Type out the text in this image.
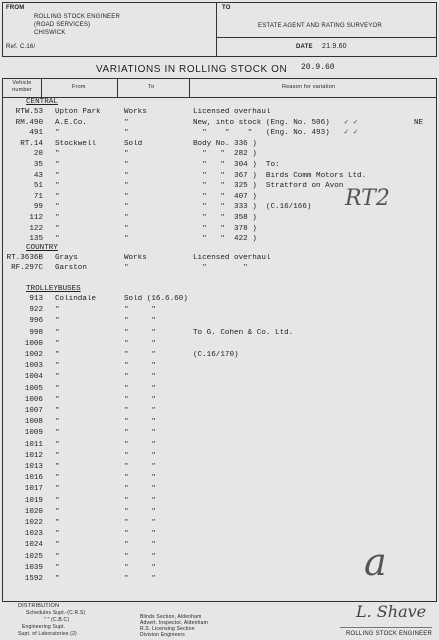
FROM
ROLLING STOCK ENGINEER
(ROAD SERVICES)
CHISWICK
Ref. C.16/
TO
ESTATE AGENT AND RATING SURVEYOR
DATE 21.9.60
VARIATIONS IN ROLLING STOCK ON 20.9.60
Vehicle number	From	To	Reason for variation
CENTRAL
COUNTRY
TROLLEYBUSES
RTW.53 Upton Park	Works	Licensed overhaul
RM.490 A.E.Co.	"	New, into stock (Eng. No. 506)
491 "	"	"    "    "   (Eng. No. 493)
RT.14 Stockwell	Sold	Body No. 336 )
20 "	"	"   "  282 )
35 "	"	"   "  304 )  To:
43 "	"	"   "  367 )  Birds Comm Motors Ltd.
51 "	"	"   "  325 )  Stratford on Avon
71 "	"	"   "  407 )
99 "	"	"   "  333 )  (C.16/166)
112 "	"	"   "  358 )
122 "	"	"   "  378 )
135 "	"	"   "  422 )
RT.3636B Grays	Works	Licensed overhaul
RF.297C Garston	"	"        "
913 Colindale	Sold (16.6.60)
922 "	"     "
996 "	"     "
998 "	"     "	To G. Cohen & Co. Ltd.
1000 "	"     "
1002 "	"     "	(C.16/170)
1003 "	"     "
1004 "	"     "
1005 "	"     "
1006 "	"     "
1007 "	"     "
1008 "	"     "
1009 "	"     "
1011 "	"     "
1012 "	"     "
1013 "	"     "
1016 "	"     "
1017 "	"     "
1019 "	"     "
1020 "	"     "
1022 "	"     "
1023 "	"     "
1024 "	"     "
1025 "	"     "
1039 "	"     "
1592 "	"     "
✓ ✓
✓ ✓
NE
RT2
a
DISTRIBUTION
Schedules Supt.-(C.R.S)
" " (C.B.C)
Engineering Supt.
Supt. of Laboratories (2)
Blinds Section, Aldenham
Advert. Inspector, Aldenham
R.S. Licensing Section
Division Engineers
L. Shave
ROLLING STOCK ENGINEER
